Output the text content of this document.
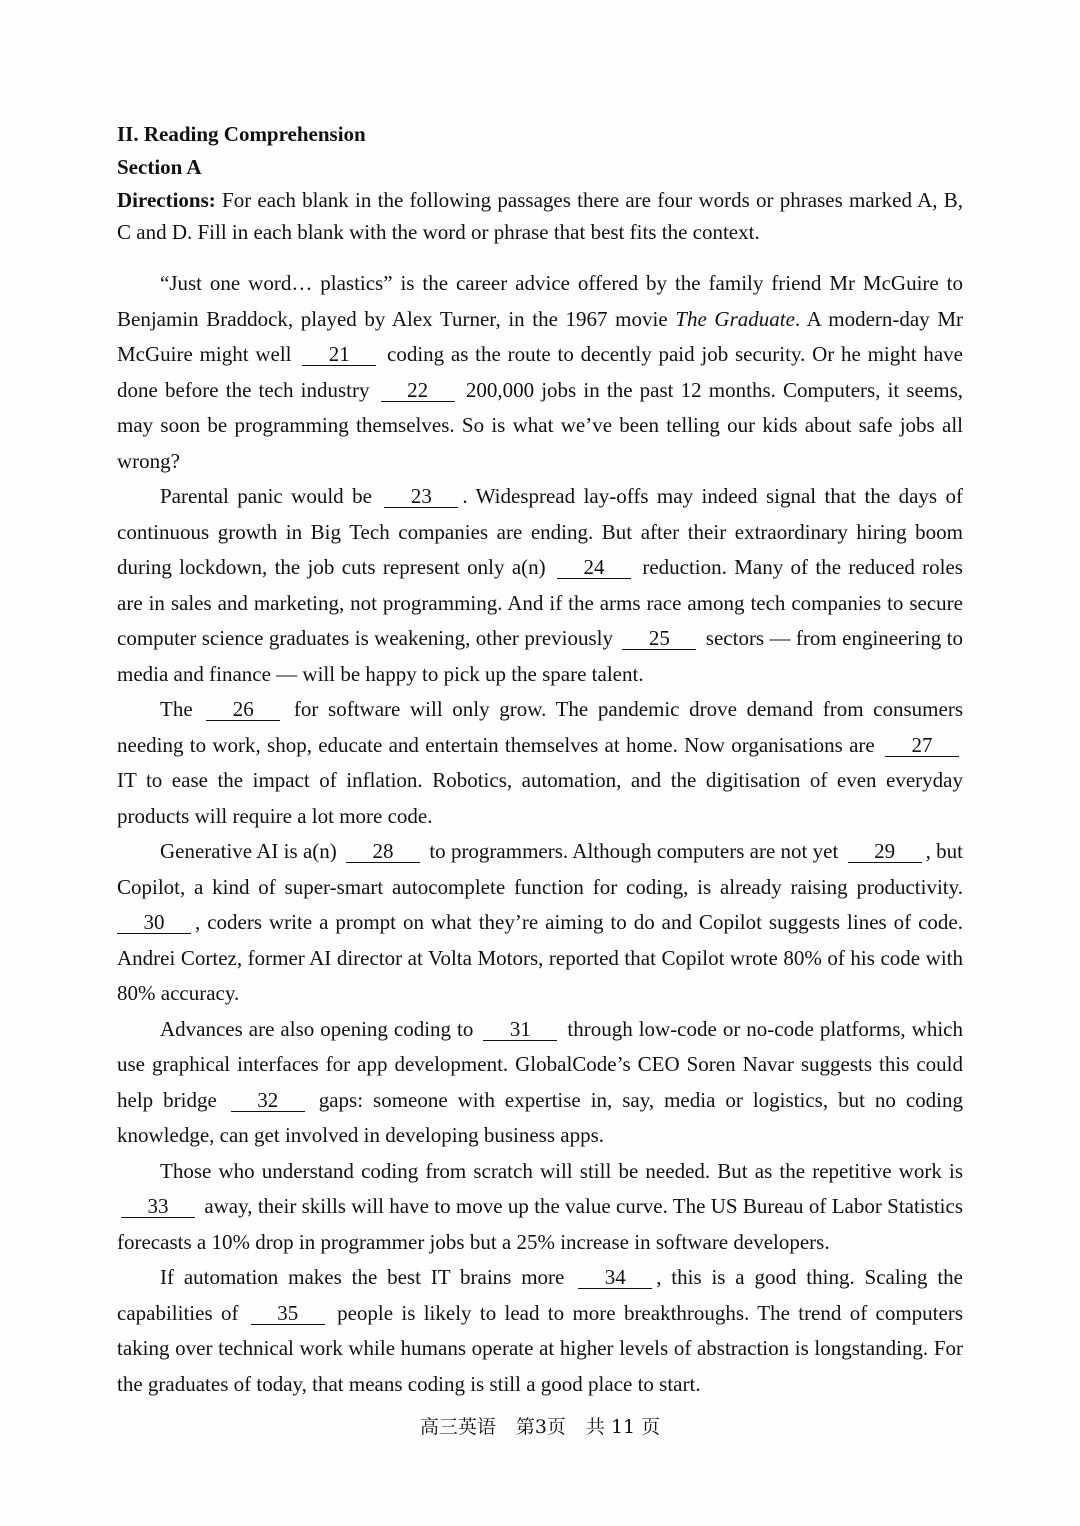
II. Reading Comprehension
Section A
Directions: For each blank in the following passages there are four words or phrases marked A, B, C and D. Fill in each blank with the word or phrase that best fits the context.

“Just one word… plastics” is the career advice offered by the family friend Mr McGuire to Benjamin Braddock, played by Alex Turner, in the 1967 movie The Graduate. A modern-day Mr McGuire might well 21 coding as the route to decently paid job security. Or he might have done before the tech industry 22 200,000 jobs in the past 12 months. Computers, it seems, may soon be programming themselves. So is what we’ve been telling our kids about safe jobs all wrong?

Parental panic would be 23 . Widespread lay-offs may indeed signal that the days of continuous growth in Big Tech companies are ending. But after their extraordinary hiring boom during lockdown, the job cuts represent only a(n) 24 reduction. Many of the reduced roles are in sales and marketing, not programming. And if the arms race among tech companies to secure computer science graduates is weakening, other previously 25 sectors — from engineering to media and finance — will be happy to pick up the spare talent.

The 26 for software will only grow. The pandemic drove demand from consumers needing to work, shop, educate and entertain themselves at home. Now organisations are 27 IT to ease the impact of inflation. Robotics, automation, and the digitisation of even everyday products will require a lot more code.

Generative AI is a(n) 28 to programmers. Although computers are not yet 29 , but Copilot, a kind of super-smart autocomplete function for coding, is already raising productivity. 30 , coders write a prompt on what they’re aiming to do and Copilot suggests lines of code. Andrei Cortez, former AI director at Volta Motors, reported that Copilot wrote 80% of his code with 80% accuracy.

Advances are also opening coding to 31 through low-code or no-code platforms, which use graphical interfaces for app development. GlobalCode’s CEO Soren Navar suggests this could help bridge 32 gaps: someone with expertise in, say, media or logistics, but no coding knowledge, can get involved in developing business apps.

Those who understand coding from scratch will still be needed. But as the repetitive work is 33 away, their skills will have to move up the value curve. The US Bureau of Labor Statistics forecasts a 10% drop in programmer jobs but a 25% increase in software developers.

If automation makes the best IT brains more 34 , this is a good thing. Scaling the capabilities of 35 people is likely to lead to more breakthroughs. The trend of computers taking over technical work while humans operate at higher levels of abstraction is longstanding. For the graduates of today, that means coding is still a good place to start.

高三英语 第3页 共 11 页
